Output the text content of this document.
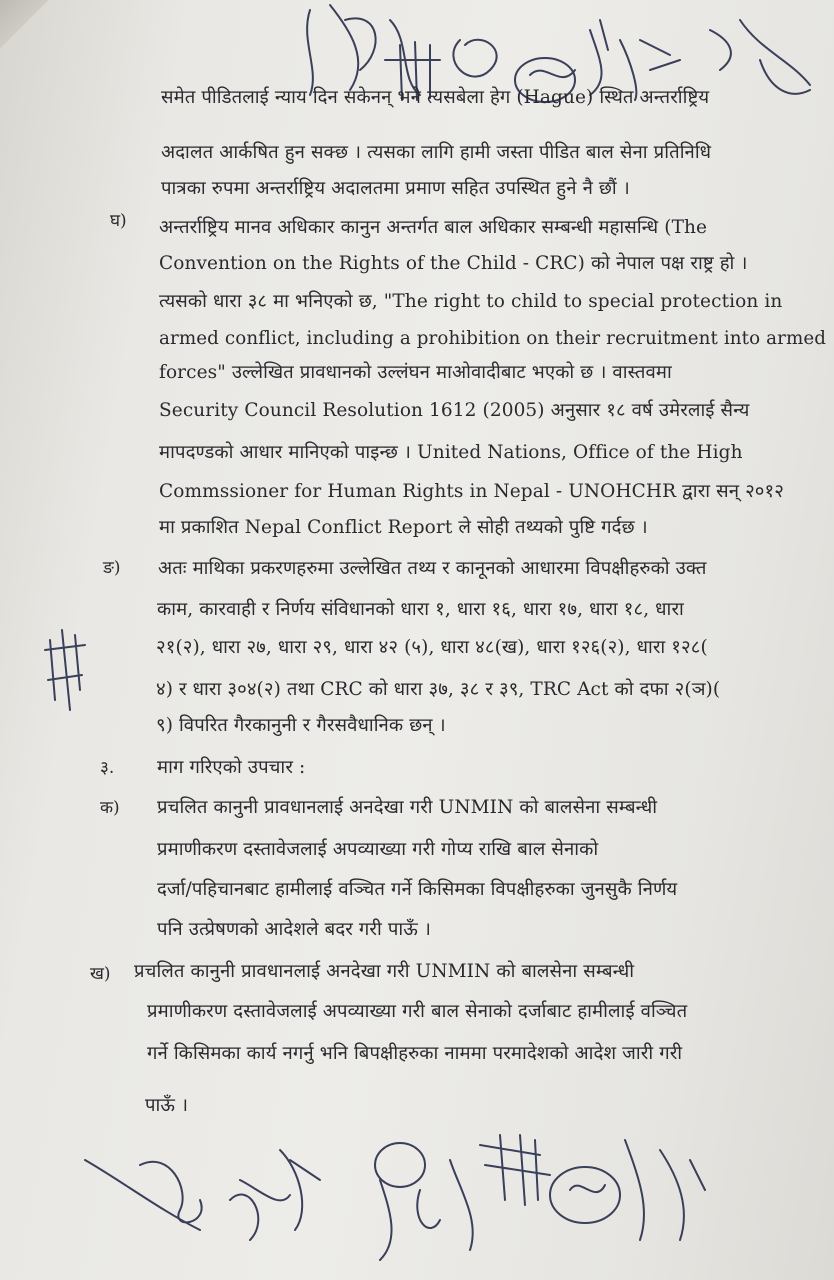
समेत पीडितलाई न्याय दिन सकेनन् भने त्यसबेला हेग (Hague) स्थित अन्तर्राष्ट्रिय
अदालत आर्कषित हुन सक्छ । त्यसका लागि हामी जस्ता पीडित बाल सेना प्रतिनिधि
पात्रका रुपमा अन्तर्राष्ट्रिय अदालतमा प्रमाण सहित उपस्थित हुने नै छौं ।
घ) अन्तर्राष्ट्रिय मानव अधिकार कानुन अन्तर्गत बाल अधिकार सम्बन्धी महासन्धि (The
Convention on the Rights of the Child - CRC) को नेपाल पक्ष राष्ट्र हो ।
त्यसको धारा ३८ मा भनिएको छ, "The right to child to special protection in
armed conflict, including a prohibition on their recruitment into armed
forces" उल्लेखित प्रावधानको उल्लंघन माओवादीबाट भएको छ । वास्तवमा
Security Council Resolution 1612 (2005) अनुसार १८ वर्ष उमेरलाई सैन्य
मापदण्डको आधार मानिएको पाइन्छ । United Nations, Office of the High
Commssioner for Human Rights in Nepal - UNOHCHR द्वारा सन् २०१२
मा प्रकाशित Nepal Conflict Report ले सोही तथ्यको पुष्टि गर्दछ ।
ङ) अतः माथिका प्रकरणहरुमा उल्लेखित तथ्य र कानूनको आधारमा विपक्षीहरुको उक्त
काम, कारवाही र निर्णय संविधानको धारा १, धारा १६, धारा १७, धारा १८, धारा
२१(२), धारा २७, धारा २९, धारा ४२ (५), धारा ४८(ख), धारा १२६(२), धारा १२८(
४) र धारा ३०४(२) तथा CRC को धारा ३७, ३८ र ३९, TRC Act को दफा २(ञ)(
९) विपरित गैरकानुनी र गैरसवैधानिक छन् ।
३. माग गरिएको उपचार :
क) प्रचलित कानुनी प्रावधानलाई अनदेखा गरी UNMIN को बालसेना सम्बन्धी
प्रमाणीकरण दस्तावेजलाई अपव्याख्या गरी गोप्य राखि बाल सेनाको
दर्जा/पहिचानबाट हामीलाई वञ्चित गर्ने किसिमका विपक्षीहरुका जुनसुकै निर्णय
पनि उत्प्रेषणको आदेशले बदर गरी पाऊँ ।
ख) प्रचलित कानुनी प्रावधानलाई अनदेखा गरी UNMIN को बालसेना सम्बन्धी
प्रमाणीकरण दस्तावेजलाई अपव्याख्या गरी बाल सेनाको दर्जाबाट हामीलाई वञ्चित
गर्ने किसिमका कार्य नगर्नु भनि बिपक्षीहरुका नाममा परमादेशको आदेश जारी गरी
पाऊँ ।
